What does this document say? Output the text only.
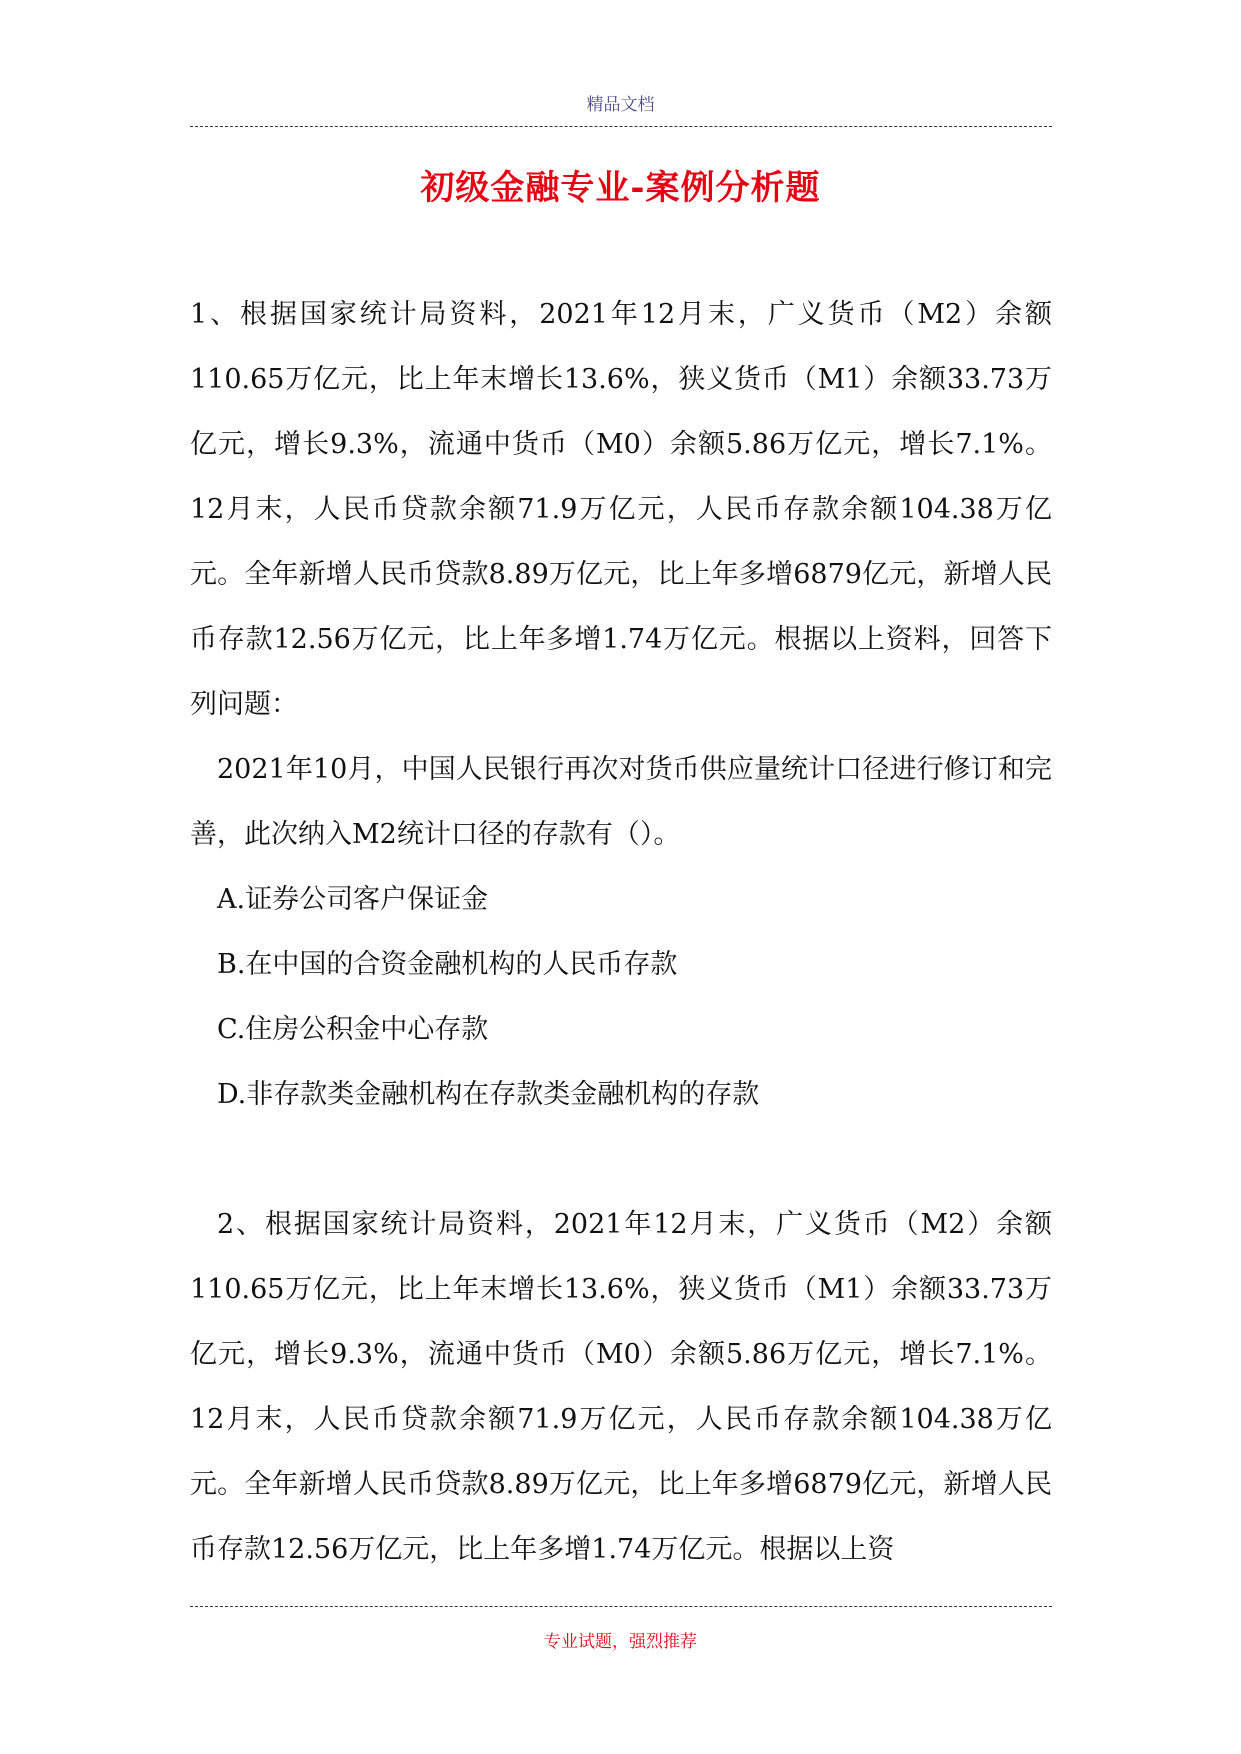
精品文档
初级金融专业-案例分析题

1、根据国家统计局资料，2021年12月末，广义货币（M2）余额110.65万亿元，比上年末增长13.6%，狭义货币（M1）余额33.73万亿元，增长9.3%，流通中货币（M0）余额5.86万亿元，增长7.1%。12月末，人民币贷款余额71.9万亿元，人民币存款余额104.38万亿元。全年新增人民币贷款8.89万亿元，比上年多增6879亿元，新增人民币存款12.56万亿元，比上年多增1.74万亿元。根据以上资料，回答下列问题：

2021年10月，中国人民银行再次对货币供应量统计口径进行修订和完善，此次纳入M2统计口径的存款有（）。

A.证券公司客户保证金

B.在中国的合资金融机构的人民币存款

C.住房公积金中心存款

D.非存款类金融机构在存款类金融机构的存款

2、根据国家统计局资料，2021年12月末，广义货币（M2）余额110.65万亿元，比上年末增长13.6%，狭义货币（M1）余额33.73万亿元，增长9.3%，流通中货币（M0）余额5.86万亿元，增长7.1%。12月末，人民币贷款余额71.9万亿元，人民币存款余额104.38万亿元。全年新增人民币贷款8.89万亿元，比上年多增6879亿元，新增人民币存款12.56万亿元，比上年多增1.74万亿元。根据以上资

专业试题，强烈推荐
